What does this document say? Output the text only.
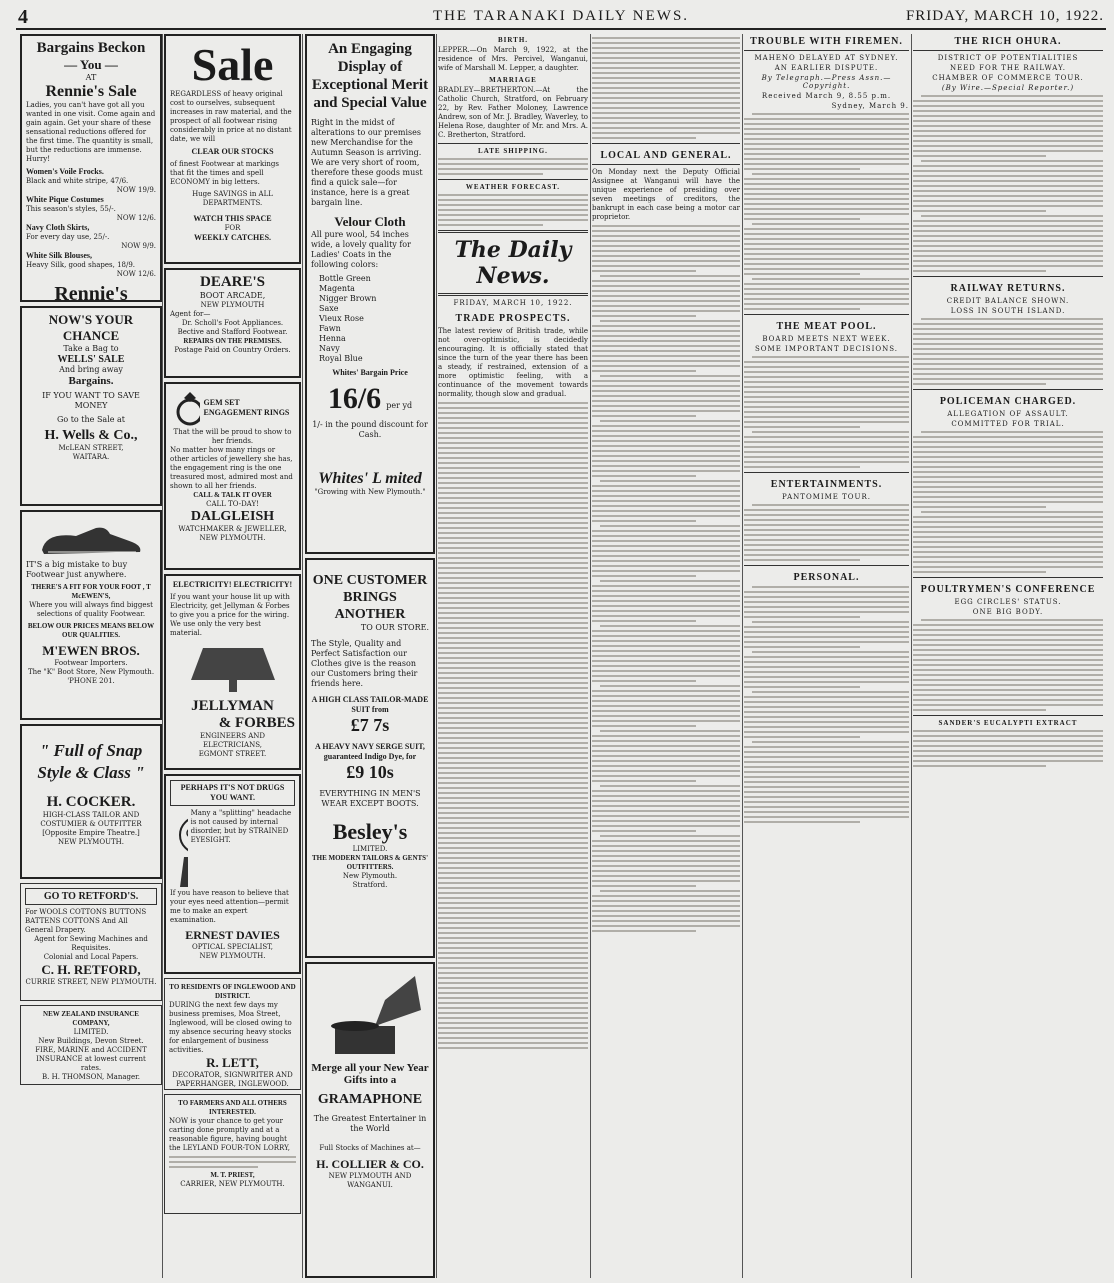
4	THE TARANAKI DAILY NEWS.	FRIDAY, MARCH 10, 1922.
Bargains Beckon
— You —
AT
Rennie's Sale

Ladies, you can't have got all you wanted in one visit. Come again and gain again. Get your share of these sensational reductions offered for the first time. The quantity is small, but the reductions are immense. Hurry!

Women's Voile Frocks.
Black and white stripe, 47/6.
NOW 19/9.
White Pique Costumes
This season's styles, 55/-.
NOW 12/6.
Navy Cloth Skirts,
For every day use, 25/-.
NOW 9/9.
White Silk Blouses,
Heavy Silk, good shapes, 18/9.
NOW 12/6.
Rennie's
NOW'S YOUR
CHANCE
Take a Bag to
WELLS' SALE
And bring away
Bargains.
IF YOU WANT TO SAVE MONEY
Go to the Sale at
H. Wells & Co.,
McLEAN STREET,
WAITARA.

IT'S a big mistake to buy Footwear just anywhere.

THERE'S A FIT FOR YOUR FOOT , T McEWEN'S,

Where you will always find biggest selections of quality Footwear.

BELOW OUR PRICES MEANS BELOW OUR QUALITIES.

M'EWEN BROS.
Footwear Importers.
The "K" Boot Store, New Plymouth.
'PHONE 201.
" Full of Snap Style & Class "
H. COCKER.
HIGH-CLASS TAILOR AND COSTUMIER & OUTFITTER
[Opposite Empire Theatre.]
NEW PLYMOUTH.
GO TO RETFORD'S.

For WOOLS COTTONS BUTTONS BATTENS COTTONS And All General Drapery.

Agent for Sewing Machines and Requisites.

Colonial and Local Papers.

C. H. RETFORD,
CURRIE STREET, NEW PLYMOUTH.
NEW ZEALAND INSURANCE COMPANY,
LIMITED.
New Buildings, Devon Street.
FIRE, MARINE and ACCIDENT INSURANCE at lowest current rates.
B. H. THOMSON, Manager.
Sale

REGARDLESS of heavy original cost to ourselves, subsequent increases in raw material, and the prospect of all footwear rising considerably in price at no distant date, we will

CLEAR OUR STOCKS

of finest Footwear at markings that fit the times and spell ECONOMY in big letters.

Huge SAVINGS in ALL DEPARTMENTS.

WATCH THIS SPACE
FOR
WEEKLY CATCHES.
DEARE'S
BOOT ARCADE,
NEW PLYMOUTH
Agent for—
Dr. Scholl's Foot Appliances. Bective and Stafford Footwear.
REPAIRS ON THE PREMISES.
Postage Paid on Country Orders.
GEM SET ENGAGEMENT RINGS

That the will be proud to show to her friends.

No matter how many rings or other articles of jewellery she has, the engagement ring is the one treasured most, admired most and shown to all her friends.

CALL & TALK IT OVER

CALL TO-DAY!

DALGLEISH
WATCHMAKER & JEWELLER,
NEW PLYMOUTH.
ELECTRICITY! ELECTRICITY!

If you want your house lit up with Electricity, get Jellyman & Forbes to give you a price for the wiring. We use only the very best material.

JELLYMAN
& FORBES
ENGINEERS AND ELECTRICIANS,
EGMONT STREET.
PERHAPS IT'S NOT DRUGS YOU WANT.

Many a "splitting" headache is not caused by internal disorder, but by STRAINED EYESIGHT.

If you have reason to believe that your eyes need attention—permit me to make an expert examination.

ERNEST DAVIES
OPTICAL SPECIALIST,
NEW PLYMOUTH.
TO RESIDENTS OF INGLEWOOD AND DISTRICT.

DURING the next few days my business premises, Moa Street, Inglewood, will be closed owing to my absence securing heavy stocks for enlargement of business activities.

R. LETT,
DECORATOR, SIGNWRITER AND PAPERHANGER, INGLEWOOD.
TO FARMERS AND ALL OTHERS INTERESTED.

NOW is your chance to get your carting done promptly and at a reasonable figure, having bought the LEYLAND FOUR-TON LORRY,

M. T. PRIEST,
CARRIER, NEW PLYMOUTH.
An Engaging Display of Exceptional Merit and Special Value

Right in the midst of alterations to our premises new Merchandise for the Autumn Season is arriving. We are very short of room, therefore these goods must find a quick sale—for instance, here is a great bargain line.

Velour Cloth

All pure wool, 54 inches wide, a lovely quality for Ladies' Coats in the following colors:

Bottle Green
Magenta
Nigger Brown
Saxe
Vieux Rose
Fawn
Henna
Navy
Royal Blue
Whites' Bargain Price
16/6 per yd

1/- in the pound discount for Cash.

Whites' L mited
"Growing with New Plymouth."
ONE CUSTOMER BRINGS ANOTHER
TO OUR STORE.

The Style, Quality and Perfect Satisfaction our Clothes give is the reason our Customers bring their friends here.

A HIGH CLASS TAILOR-MADE SUIT from

£7 7s

A HEAVY NAVY SERGE SUIT, guaranteed Indigo Dye, for

£9 10s

EVERYTHING IN MEN'S WEAR EXCEPT BOOTS.

Besley's
LIMITED.
THE MODERN TAILORS & GENTS' OUTFITTERS.
New Plymouth.
Stratford.
Merge all your New Year Gifts into a
GRAMAPHONE
The Greatest Entertainer in the World
Full Stocks of Machines at—
H. COLLIER & CO.
NEW PLYMOUTH AND WANGANUI.
BIRTH.

LEPPER.—On March 9, 1922, at the residence of Mrs. Percivel, Wanganui, wife of Marshall M. Lepper, a daughter.

MARRIAGE

BRADLEY—BRETHERTON.—At the Catholic Church, Stratford, on February 22, by Rev. Father Moloney, Lawrence Andrew, son of Mr. J. Bradley, Waverley, to Helena Rose, daughter of Mr. and Mrs. A. C. Bretherton, Stratford.

LATE SHIPPING.
WEATHER FORECAST.
The Daily News.
FRIDAY, MARCH 10, 1922.
TRADE PROSPECTS.

The latest review of British trade, while not over-optimistic, is decidedly encouraging. It is officially stated that since the turn of the year there has been a steady, if restrained, extension of a more optimistic feeling, with a continuance of the movement towards normality, though slow and gradual.

LOCAL AND GENERAL.

On Monday next the Deputy Official Assignee at Wanganui will have the unique experience of presiding over seven meetings of creditors, the bankrupt in each case being a motor car proprietor.

TROUBLE WITH FIREMEN.
MAHENO DELAYED AT SYDNEY.
AN EARLIER DISPUTE.
By Telegraph.—Press Assn.—Copyright.
Received March 9, 8.55 p.m.
Sydney, March 9.
THE MEAT POOL.
BOARD MEETS NEXT WEEK.
SOME IMPORTANT DECISIONS.
ENTERTAINMENTS.
PANTOMIME TOUR.
PERSONAL.
THE RICH OHURA.
DISTRICT OF POTENTIALITIES
NEED FOR THE RAILWAY.
CHAMBER OF COMMERCE TOUR.
(By Wire.—Special Reporter.)
RAILWAY RETURNS.
CREDIT BALANCE SHOWN.
LOSS IN SOUTH ISLAND.
POLICEMAN CHARGED.
ALLEGATION OF ASSAULT.
COMMITTED FOR TRIAL.
POULTRYMEN'S CONFERENCE
EGG CIRCLES' STATUS.
ONE BIG BODY.
SANDER'S EUCALYPTI EXTRACT
